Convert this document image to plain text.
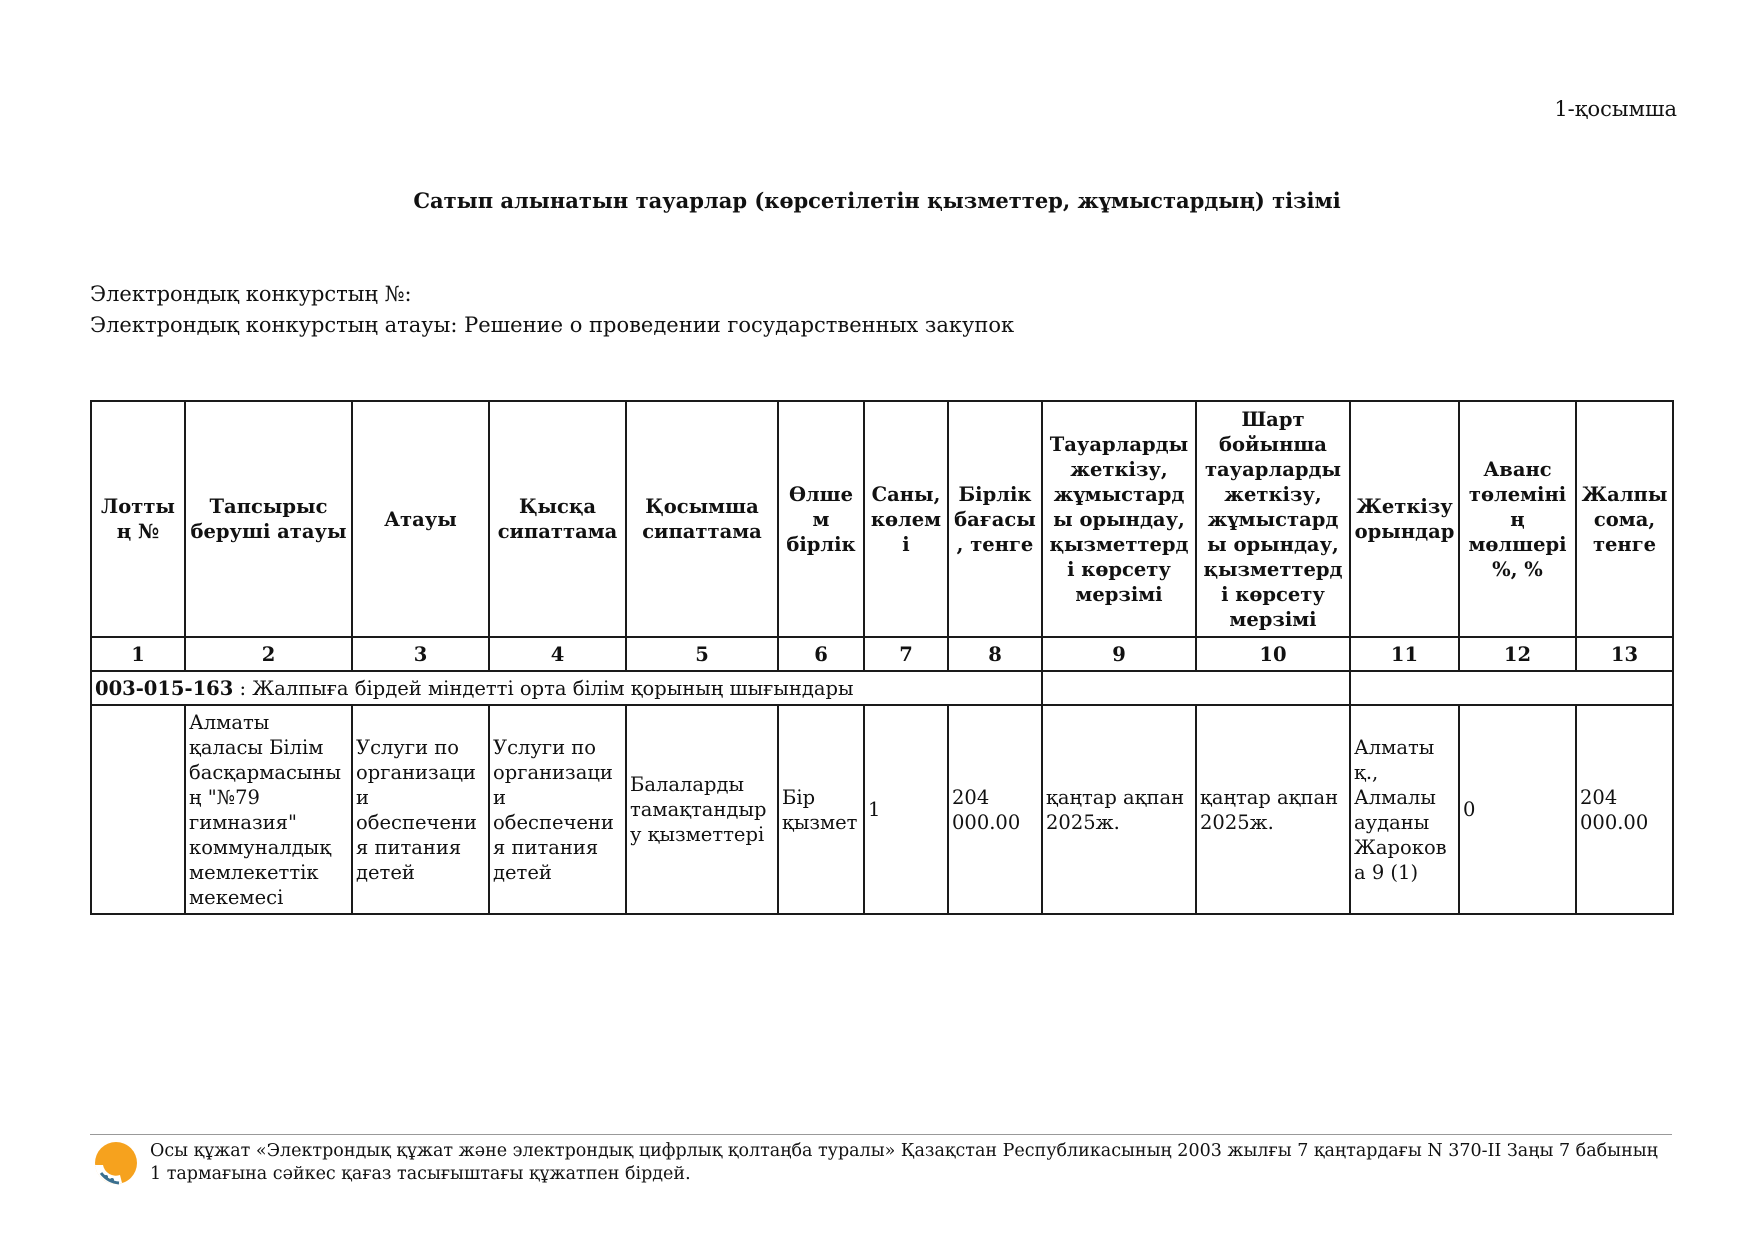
1-қосымша
Сатып алынатын тауарлар (көрсетілетін қызметтер, жұмыстардың) тізімі
Электрондық конкурстың №:
Электрондық конкурстың атауы: Решение о проведении государственных закупок
Лоттың №	Тапсырыс беруші атауы	Атауы	Қысқа сипаттама	Қосымша сипаттама	Өлшем бірлік	Саны, көлемі	Бірлік бағасы, тенге	Тауарларды жеткізу, жұмыстарды орындау, қызметтерді көрсету мерзімі	Шарт бойынша тауарларды жеткізу, жұмыстарды орындау, қызметтерді көрсету мерзімі	Жеткізу орындар	Аванс төлемінің мөлшері %, %	Жалпы сома, тенге
1	2	3	4	5	6	7	8	9	10	11	12	13
003-015-163 : Жалпыға бірдей міндетті орта білім қорының шығындары												
	Алматы қаласы Білім басқармасының "№79 гимназия" коммуналдық мемлекеттік мекемесі	Услуги по организации обеспечения питания детей	Услуги по организации обеспечения питания детей	Балаларды тамақтандыру қызметтері	Бір қызмет	1	204 000.00	қаңтар ақпан 2025ж.	қаңтар ақпан 2025ж.	Алматы қ., Алмалы ауданы Жарокова 9 (1)	0	204 000.00
Осы құжат «Электрондық құжат және электрондық цифрлық қолтаңба туралы» Қазақстан Республикасының 2003 жылғы 7 қаңтардағы N 370-II Заңы 7 бабының 1 тармағына сәйкес қағаз тасығыштағы құжатпен бірдей.
